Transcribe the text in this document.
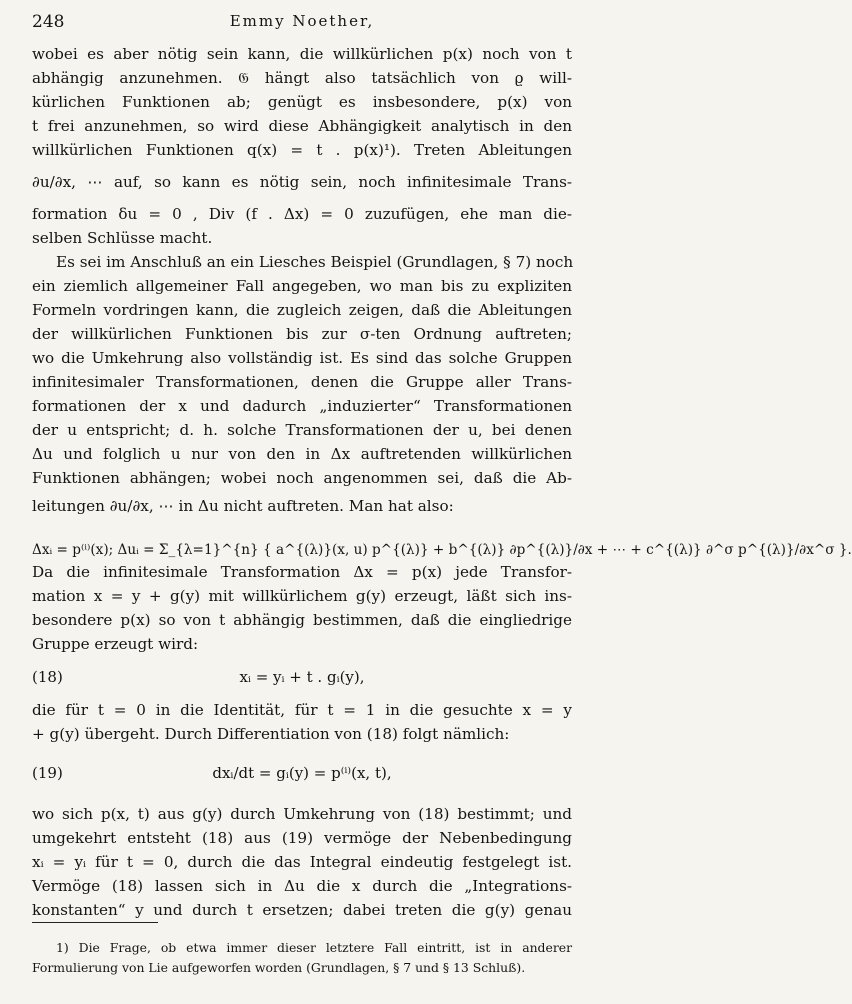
248	Emmy Noether,
wobei es aber nötig sein kann, die willkürlichen p(x) noch von t
abhängig anzunehmen. 𝔊 hängt also tatsächlich von ϱ will-
kürlichen Funktionen ab; genügt es insbesondere, p(x) von
t frei anzunehmen, so wird diese Abhängigkeit analytisch in den
willkürlichen Funktionen q(x) = t . p(x)¹). Treten Ableitungen
∂u/∂x, ⋯ auf, so kann es nötig sein, noch infinitesimale Trans-
formation δu = 0 , Div (f . Δx) = 0 zuzufügen, ehe man die-
selben Schlüsse macht.
Es sei im Anschluß an ein Liesches Beispiel (Grundlagen, § 7) noch
ein ziemlich allgemeiner Fall angegeben, wo man bis zu expliziten
Formeln vordringen kann, die zugleich zeigen, daß die Ableitungen
der willkürlichen Funktionen bis zur σ-ten Ordnung auftreten;
wo die Umkehrung also vollständig ist. Es sind das solche Gruppen
infinitesimaler Transformationen, denen die Gruppe aller Trans-
formationen der x und dadurch „induzierter“ Transformationen
der u entspricht; d. h. solche Transformationen der u, bei denen
Δu und folglich u nur von den in Δx auftretenden willkürlichen
Funktionen abhängen; wobei noch angenommen sei, daß die Ab-
leitungen ∂u/∂x, ⋯ in Δu nicht auftreten. Man hat also:
Δxᵢ = p⁽ⁱ⁾(x); Δuᵢ = Σ_{λ=1}^{n} { a^{(λ)}(x, u) p^{(λ)} + b^{(λ)} ∂p^{(λ)}/∂x + ⋯ + c^{(λ)} ∂^σ p^{(λ)}/∂x^σ }.
Da die infinitesimale Transformation Δx = p(x) jede Transfor-
mation x = y + g(y) mit willkürlichem g(y) erzeugt, läßt sich ins-
besondere p(x) so von t abhängig bestimmen, daß die eingliedrige
Gruppe erzeugt wird:
(18)	xᵢ = yᵢ + t . gᵢ(y),
die für t = 0 in die Identität, für t = 1 in die gesuchte x = y
+ g(y) übergeht. Durch Differentiation von (18) folgt nämlich:
(19)	dxᵢ/dt = gᵢ(y) = p⁽ⁱ⁾(x, t),
wo sich p(x, t) aus g(y) durch Umkehrung von (18) bestimmt; und
umgekehrt entsteht (18) aus (19) vermöge der Nebenbedingung
xᵢ = yᵢ für t = 0, durch die das Integral eindeutig festgelegt ist.
Vermöge (18) lassen sich in Δu die x durch die „Integrations-
konstanten“ y und durch t ersetzen; dabei treten die g(y) genau
1) Die Frage, ob etwa immer dieser letztere Fall eintritt, ist in anderer
Formulierung von Lie aufgeworfen worden (Grundlagen, § 7 und § 13 Schluß).
